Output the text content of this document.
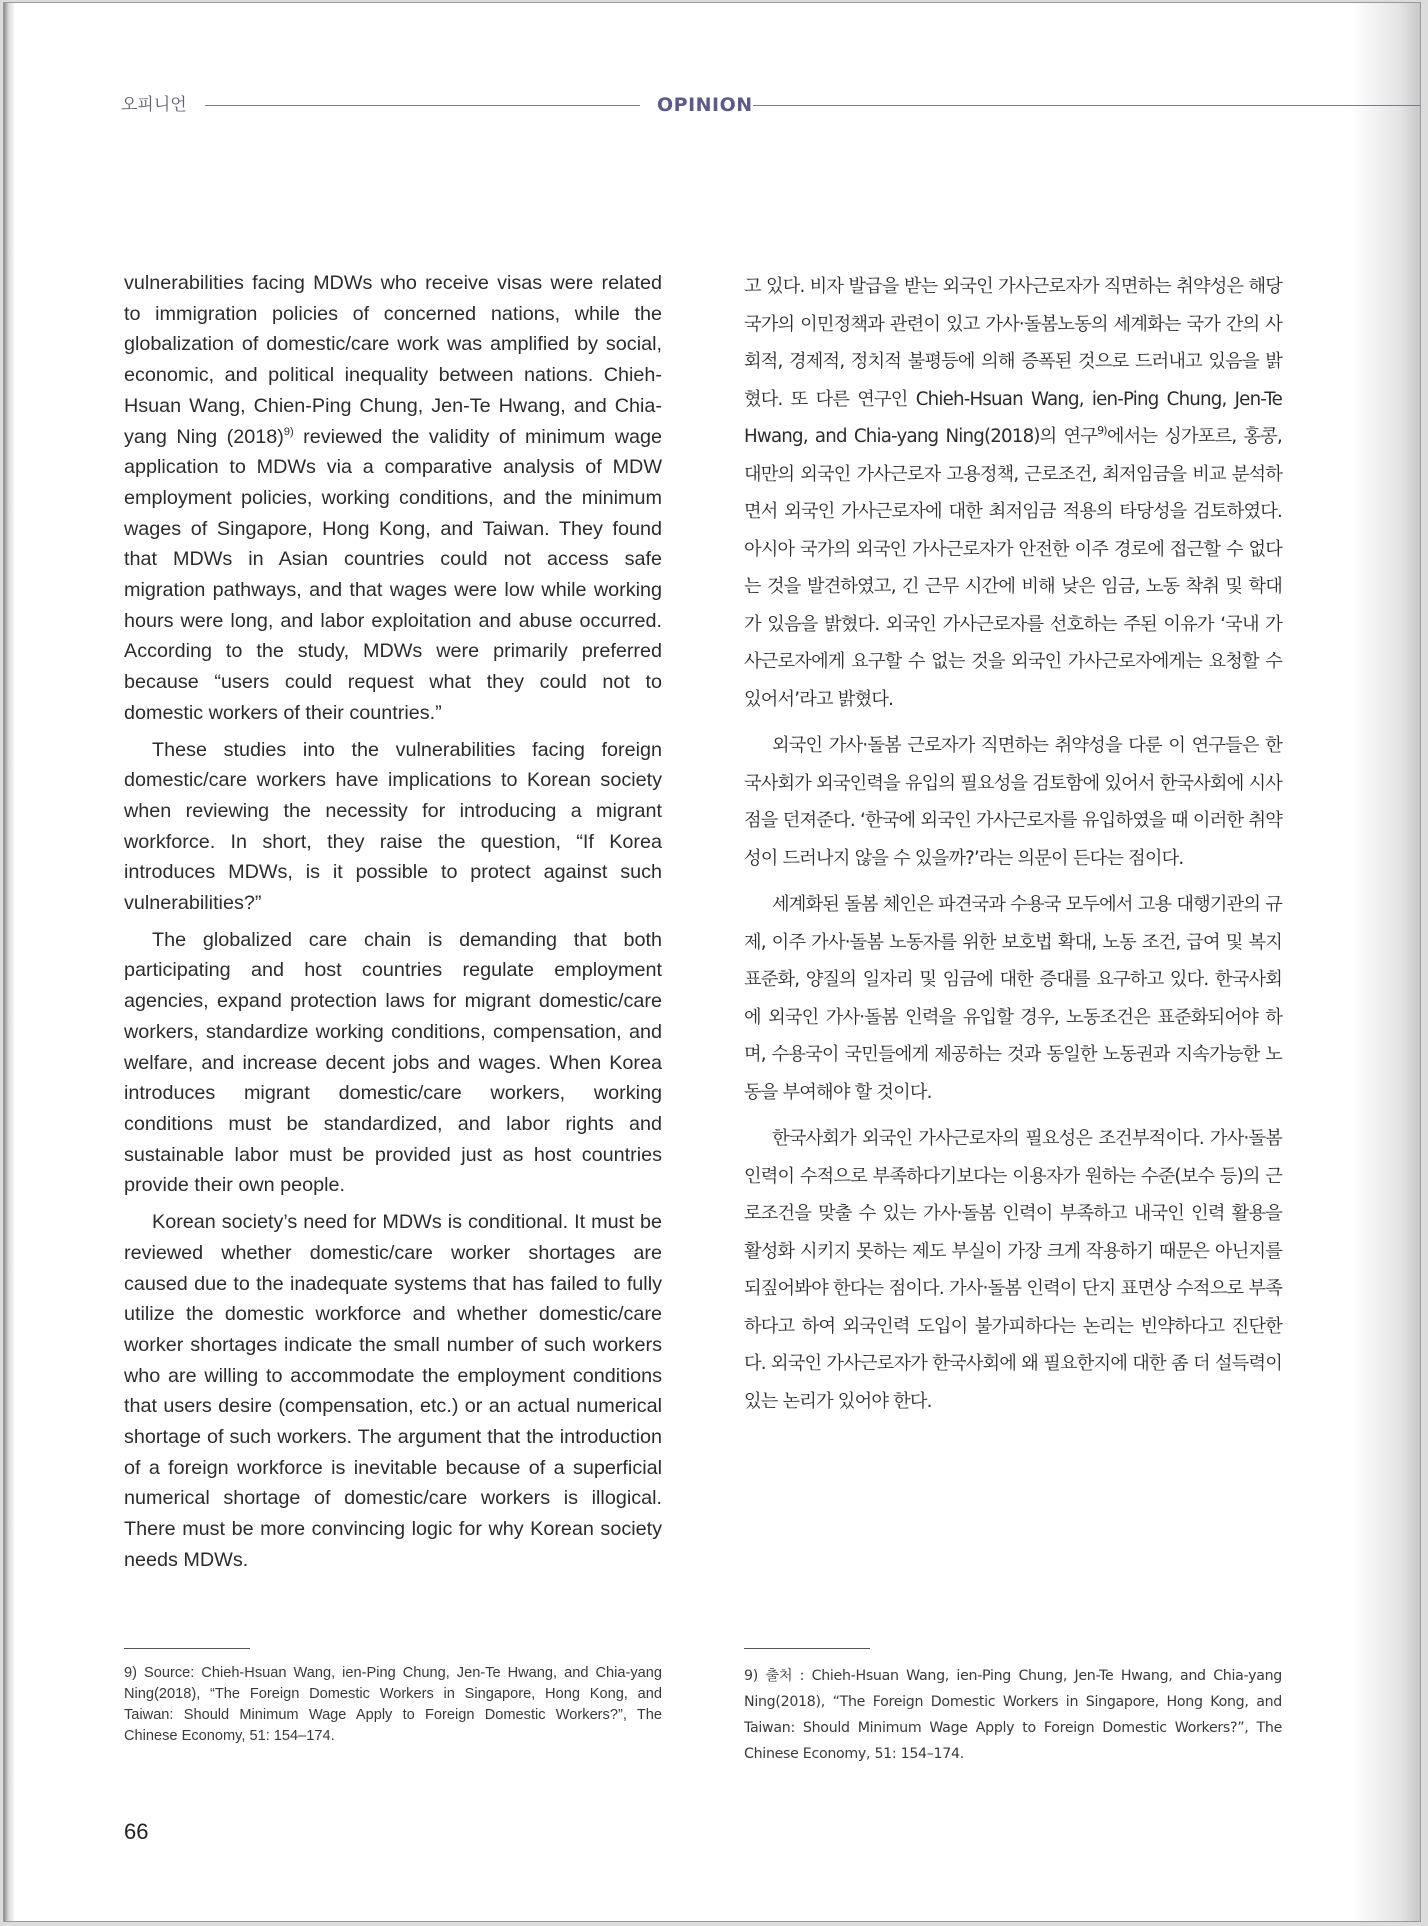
오피니언	OPINION

vulnerabilities facing MDWs who receive visas were related to immigration policies of concerned nations, while the globalization of domestic/care work was amplified by social, economic, and political inequality between nations. Chieh-Hsuan Wang, Chien-Ping Chung, Jen-Te Hwang, and Chia-yang Ning (2018)$^{9)}$ reviewed the validity of minimum wage application to MDWs via a comparative analysis of MDW employment policies, working conditions, and the minimum wages of Singapore, Hong Kong, and Taiwan. They found that MDWs in Asian countries could not access safe migration pathways, and that wages were low while working hours were long, and labor exploitation and abuse occurred. According to the study, MDWs were primarily preferred because “users could request what they could not to domestic workers of their countries.”

These studies into the vulnerabilities facing foreign domestic/care workers have implications to Korean society when reviewing the necessity for introducing a migrant workforce. In short, they raise the question, “If Korea introduces MDWs, is it possible to protect against such vulnerabilities?”

The globalized care chain is demanding that both participating and host countries regulate employment agencies, expand protection laws for migrant domestic/care workers, standardize working conditions, compensation, and welfare, and increase decent jobs and wages. When Korea introduces migrant domestic/care workers, working conditions must be standardized, and labor rights and sustainable labor must be provided just as host countries provide their own people.

Korean society’s need for MDWs is conditional. It must be reviewed whether domestic/care worker shortages are caused due to the inadequate systems that has failed to fully utilize the domestic workforce and whether domestic/care worker shortages indicate the small number of such workers who are willing to accommodate the employment conditions that users desire (compensation, etc.) or an actual numerical shortage of such workers. The argument that the introduction of a foreign workforce is inevitable because of a superficial numerical shortage of domestic/care workers is illogical. There must be more convincing logic for why Korean society needs MDWs.

고 있다. 비자 발급을 받는 외국인 가사근로자가 직면하는 취약성은 해당 국가의 이민정책과 관련이 있고 가사·돌봄노동의 세계화는 국가 간의 사회적, 경제적, 정치적 불평등에 의해 증폭된 것으로 드러내고 있음을 밝혔다. 또 다른 연구인 Chieh-Hsuan Wang, ien-Ping Chung, Jen-Te Hwang, and Chia-yang Ning(2018)의 연구$^{9)}$에서는 싱가포르, 홍콩, 대만의 외국인 가사근로자 고용정책, 근로조건, 최저임금을 비교 분석하면서 외국인 가사근로자에 대한 최저임금 적용의 타당성을 검토하였다. 아시아 국가의 외국인 가사근로자가 안전한 이주 경로에 접근할 수 없다는 것을 발견하였고, 긴 근무 시간에 비해 낮은 임금, 노동 착취 및 학대가 있음을 밝혔다. 외국인 가사근로자를 선호하는 주된 이유가 ‘국내 가사근로자에게 요구할 수 없는 것을 외국인 가사근로자에게는 요청할 수 있어서’라고 밝혔다.

외국인 가사·돌봄 근로자가 직면하는 취약성을 다룬 이 연구들은 한국사회가 외국인력을 유입의 필요성을 검토함에 있어서 한국사회에 시사점을 던져준다. ‘한국에 외국인 가사근로자를 유입하였을 때 이러한 취약성이 드러나지 않을 수 있을까?’라는 의문이 든다는 점이다.

세계화된 돌봄 체인은 파견국과 수용국 모두에서 고용 대행기관의 규제, 이주 가사·돌봄 노동자를 위한 보호법 확대, 노동 조건, 급여 및 복지 표준화, 양질의 일자리 및 임금에 대한 증대를 요구하고 있다. 한국사회에 외국인 가사·돌봄 인력을 유입할 경우, 노동조건은 표준화되어야 하며, 수용국이 국민들에게 제공하는 것과 동일한 노동권과 지속가능한 노동을 부여해야 할 것이다.

한국사회가 외국인 가사근로자의 필요성은 조건부적이다. 가사·돌봄 인력이 수적으로 부족하다기보다는 이용자가 원하는 수준(보수 등)의 근로조건을 맞출 수 있는 가사·돌봄 인력이 부족하고 내국인 인력 활용을 활성화 시키지 못하는 제도 부실이 가장 크게 작용하기 때문은 아닌지를 되짚어봐야 한다는 점이다. 가사·돌봄 인력이 단지 표면상 수적으로 부족하다고 하여 외국인력 도입이 불가피하다는 논리는 빈약하다고 진단한다. 외국인 가사근로자가 한국사회에 왜 필요한지에 대한 좀 더 설득력이 있는 논리가 있어야 한다.

9) Source: Chieh-Hsuan Wang, ien-Ping Chung, Jen-Te Hwang, and Chia-yang Ning(2018), “The Foreign Domestic Workers in Singapore, Hong Kong, and Taiwan: Should Minimum Wage Apply to Foreign Domestic Workers?”, The Chinese Economy, 51: 154–174.
9) 출처 : Chieh-Hsuan Wang, ien-Ping Chung, Jen-Te Hwang, and Chia-yang Ning(2018), “The Foreign Domestic Workers in Singapore, Hong Kong, and Taiwan: Should Minimum Wage Apply to Foreign Domestic Workers?”, The Chinese Economy, 51: 154–174.
66
